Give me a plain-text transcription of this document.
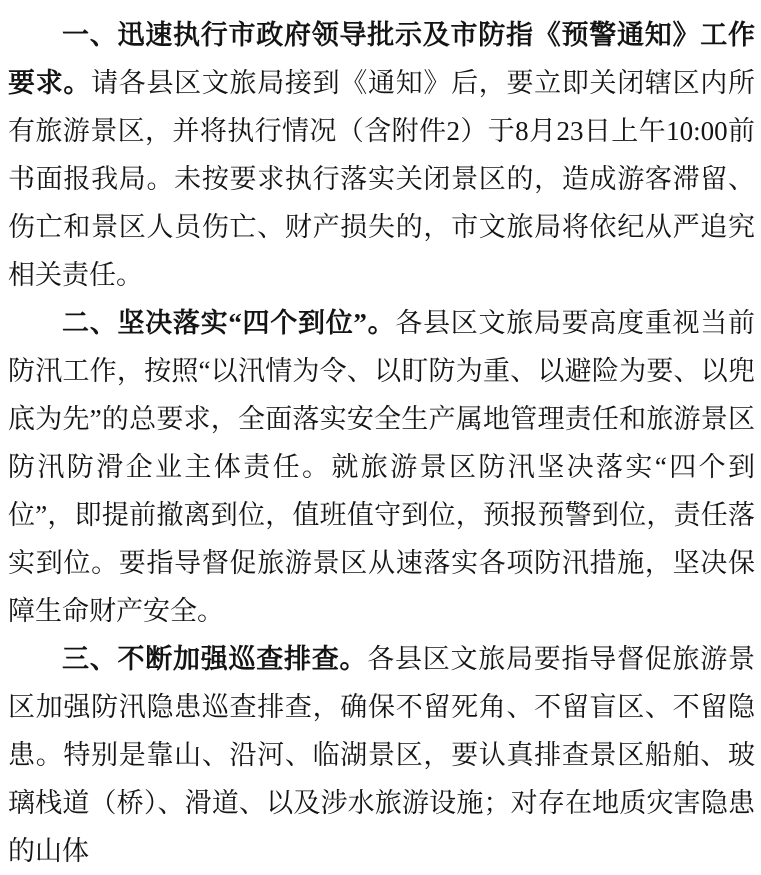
一、迅速执行市政府领导批示及市防指《预警通知》工作要求。请各县区文旅局接到《通知》后，要立即关闭辖区内所有旅游景区，并将执行情况（含附件2）于8月23日上午10:00前书面报我局。未按要求执行落实关闭景区的，造成游客滞留、伤亡和景区人员伤亡、财产损失的，市文旅局将依纪从严追究相关责任。

二、坚决落实“四个到位”。各县区文旅局要高度重视当前防汛工作，按照“以汛情为令、以盯防为重、以避险为要、以兜底为先”的总要求，全面落实安全生产属地管理责任和旅游景区防汛防滑企业主体责任。就旅游景区防汛坚决落实“四个到位”，即提前撤离到位，值班值守到位，预报预警到位，责任落实到位。要指导督促旅游景区从速落实各项防汛措施，坚决保障生命财产安全。

三、不断加强巡查排查。各县区文旅局要指导督促旅游景区加强防汛隐患巡查排查，确保不留死角、不留盲区、不留隐患。特别是靠山、沿河、临湖景区，要认真排查景区船舶、玻璃栈道（桥）、滑道、以及涉水旅游设施；对存在地质灾害隐患的山体
